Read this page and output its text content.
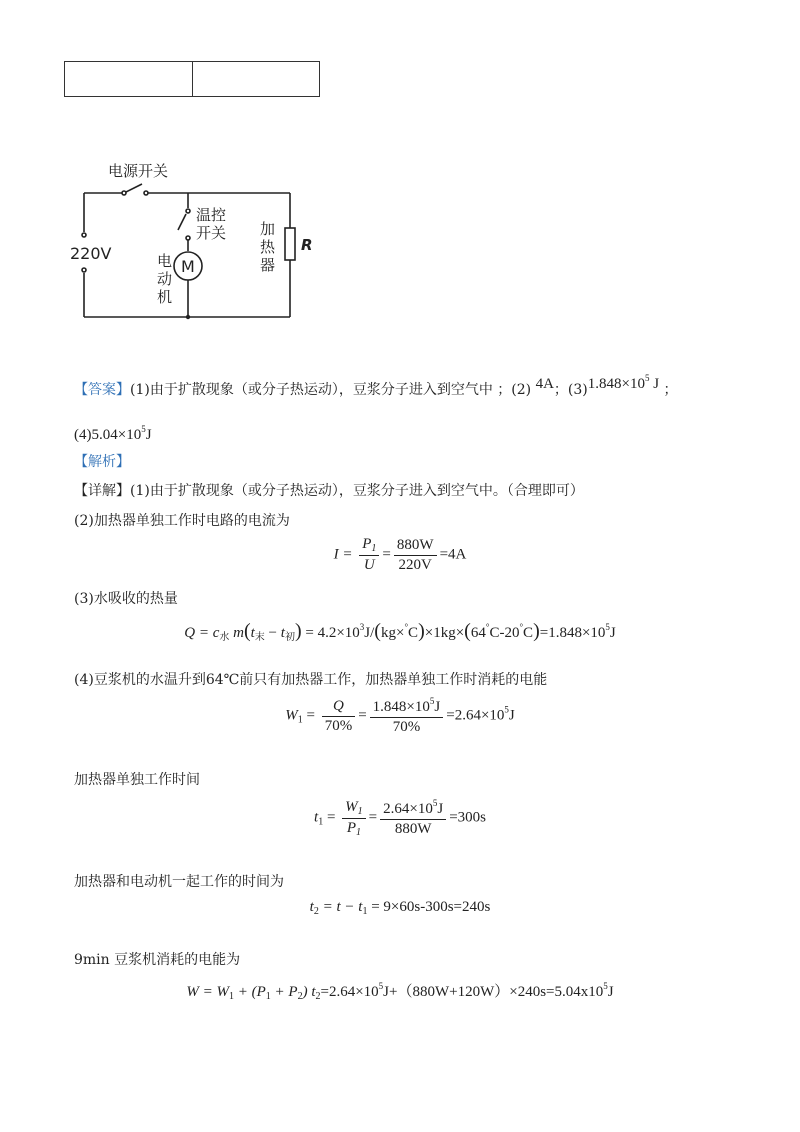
电源开关
温控
开关
220V
M
电
动
机
加
热
器
R
【答案】(1)由于扩散现象（或分子热运动），豆浆分子进入到空气中 ；(2) 4A；$(3)1.848\times 10^5$ J ；
$(4)5.04\times 10^5J$
【解析】
【详解】(1)由于扩散现象（或分子热运动），豆浆分子进入到空气中。（合理即可）
(2)加热器单独工作时电路的电流为
$I = \frac{P_1}{U} = \frac{880W}{220V} =4A$
(3)水吸收的热量
$Q = c_水$ $m(t_末 - t_初) = 4.2\times 10^3J/(kg\times^\circ C)\times 1kg\times(64^\circ C-20^\circ C)=1.848\times 10^5J$
(4)豆浆机的水温升到64℃前只有加热器工作，加热器单独工作时消耗的电能
$W_1 = \frac{Q}{70\%} = \frac{1.848\times 10^5J}{70\%} =2.64\times 10^5J$
加热器单独工作时间
$t_1 = \frac{W_1}{P_1} = \frac{2.64\times 10^5J}{880W} =300s$
加热器和电动机一起工作的时间为
$t_2 = t - t_1 = 9\times 60s-300s=240s$
9min 豆浆机消耗的电能为
$W = W_1 + (P_1 + P_2)$ $t_2=2.64\times 10^5J+(880W+120W)\times 240s=5.04x10^5J$
